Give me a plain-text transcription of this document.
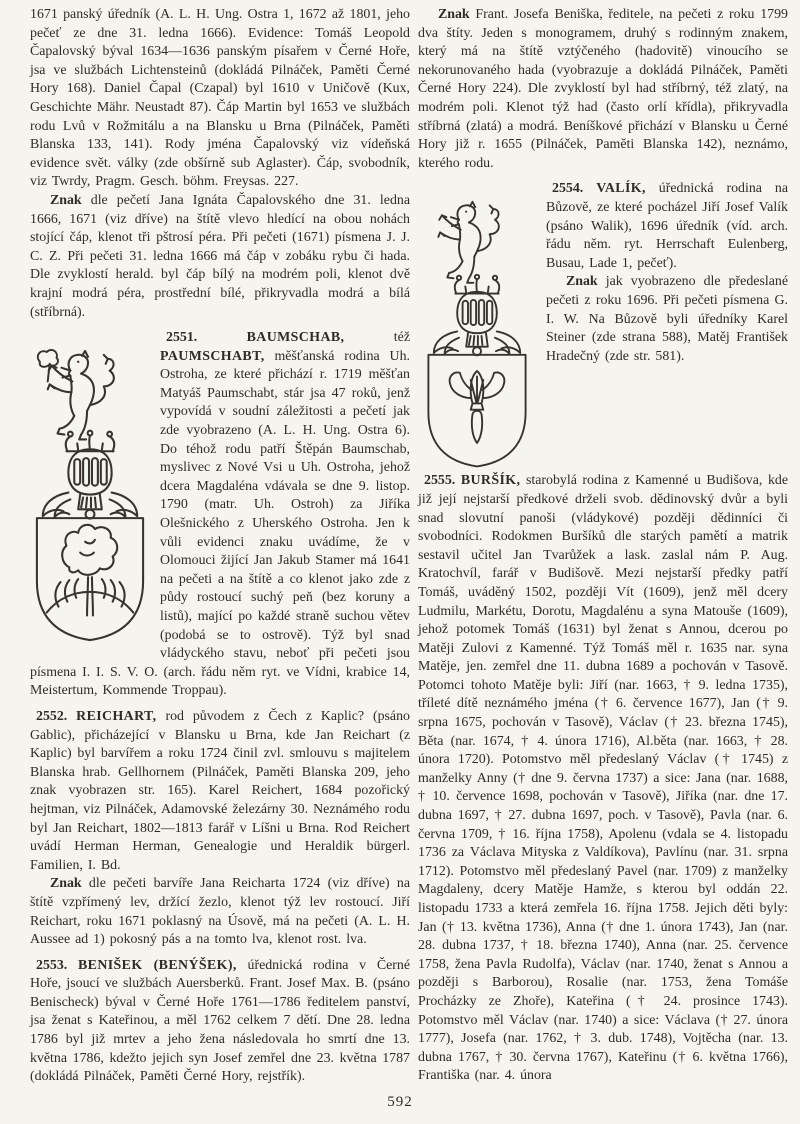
1671 panský úředník (A. L. H. Ung. Ostra 1, 1672 až 1801, jeho pečeť ze dne 31. ledna 1666). Evidence: Tomáš Leopold Čapalovský býval 1634—1636 panským písařem v Černé Hoře, jsa ve službách Lichtensteinů (dokládá Pilnáček, Paměti Černé Hory 168). Daniel Čapal (Czapal) byl 1610 v Uničově (Kux, Geschichte Mähr. Neustadt 87). Čáp Martin byl 1653 ve službách rodu Lvů v Rožmitálu a na Blansku u Brna (Pilnáček, Paměti Blanska 133, 141). Rody jména Čapalovský viz vídeňská evidence svět. války (zde obšírně sub Aglaster). Čáp, svobodník, viz Twrdy, Pragm. Gesch. böhm. Freysas. 227.

Znak dle pečetí Jana Ignáta Čapalovského dne 31. ledna 1666, 1671 (viz dříve) na štítě vlevo hledící na obou nohách stojící čáp, klenot tři pštrosí péra. Při pečeti (1671) písmena J. J. C. Z. Při pečeti 31. ledna 1666 má čáp v zobáku rybu či hada. Dle zvyklostí herald. byl čáp bílý na modrém poli, klenot dvě krajní modrá péra, prostřední bílé, přikryvadla modrá a bílá (stříbrná).

2551.	BAUMSCHAB,	též PAUMSCHABT, měšťanská rodina Uh. Ostroha, ze které přichází r. 1719 měšťan Matyáš Paumschabt, stár jsa 47 roků, jenž vypovídá v soudní záležitosti a pečetí jak zde vyobrazeno (A. L. H. Ung. Ostra 6). Do téhož rodu patří Štěpán Baumschab, myslivec z Nové Vsi u Uh. Ostroha, jehož dcera Magdaléna vdávala se dne 9. listop. 1790 (matr. Uh. Ostroh) za Jiříka Olešnického z Uherského Ostroha. Jen k vůli evidenci znaku uvádíme, že v Olomouci žijící Jan Jakub Stamer má 1641 na pečeti a na štítě a co klenot jako zde z půdy rostoucí suchý peň (bez koruny a listů), mající po každé straně suchou větev (podobá se to ostrově). Týž byl snad vládyckého stavu, neboť při pečeti jsou písmena I. I. S. V. O. (arch. řádu něm ryt. ve Vídni, krabice 14, Meistertum, Kommende Troppau).

2552. REICHART, rod původem z Čech z Kaplic? (psáno Gablic), přicházející v Blansku u Brna, kde Jan Reichart (z Kaplic) byl barvířem a roku 1724 činil zvl. smlouvu s majitelem Blanska hrab. Gellhornem (Pilnáček, Paměti Blanska 209, jeho znak vyobrazen str. 165). Karel Reichert, 1684 pozořický hejtman, viz Pilnáček, Adamovské železárny 30. Neznámého rodu byl Jan Reichart, 1802—1813 farář v Líšni u Brna. Rod Reichert uvádí Herman Herman, Genealogie und Heraldik bürgerl. Familien, I. Bd.

Znak dle pečeti barvíře Jana Reicharta 1724 (viz dříve) na štítě vzpřímený lev, držící žezlo, klenot týž lev rostoucí. Jiří Reichart, roku 1671 poklasný na Úsově, má na pečeti (A. L. H. Aussee ad 1) pokosný pás a na tomto lva, klenot rost. lva.

2553. BENIŠEK (BENÝŠEK), úřednická rodina v Černé Hoře, jsoucí ve službách Auersberků. Frant. Josef Max. B. (psáno Benischeck) býval v Černé Hoře 1761—1786 ředitelem panství, jsa ženat s Kateřinou, a měl 1762 celkem 7 dětí. Dne 28. ledna 1786 byl již mrtev a jeho žena následovala ho smrtí dne 13. května 1786, kdežto jejich syn Josef zemřel dne 23. května 1787 (dokládá Pilnáček, Paměti Černé Hory, rejstřík).

Znak Frant. Josefa Beniška, ředitele, na pečeti z roku 1799 dva štíty. Jeden s monogramem, druhý s rodinným znakem, který má na štítě vztýčeného (hadovitě) vinoucího se nekorunovaného hada (vyobrazuje a dokládá Pilnáček, Paměti Černé Hory 224). Dle zvyklostí byl had stříbrný, též zlatý, na modrém poli. Klenot týž had (často orlí křídla), přikryvadla stříbrná (zlatá) a modrá. Beníškové přichází v Blansku u Černé Hory již r. 1655 (Pilnáček, Paměti Blanska 142), neznámo, kterého rodu.

2554. VALÍK, úřednická rodina na Bůzově, ze které pocházel Jiří Josef Valík (psáno Walik), 1696 úředník (víd. arch. řádu něm. ryt. Herrschaft Eulenberg, Busau, Lade 1, pečeť).

Znak jak vyobrazeno dle předeslané pečeti z roku 1696. Při pečeti písmena G. I. W. Na Bůzově byli úředníky Karel Steiner (zde strana 588), Matěj František Hradečný (zde str. 581).

2555. BURŠÍK, starobylá rodina z Kamenné u Budišova, kde již její nejstarší předkové drželi svob. dědinovský dvůr a byli snad slovutní panoši (vládykové) později dědinníci či svobodníci. Rodokmen Buršíků dle starých pamětí a matrik sestavil učitel Jan Tvarůžek a lask. zaslal nám P. Aug. Kratochvíl, farář v Budišově. Mezi nejstarší předky patří Tomáš, uváděný 1502, později Vít (1609), jenž měl dcery Ludmilu, Markétu, Dorotu, Magdalénu a syna Matouše (1609), jehož potomek Tomáš (1631) byl ženat s Annou, dcerou po Matěji Zulovi z Kamenné. Týž Tomáš měl r. 1635 nar. syna Matěje, jen. zemřel dne 11. dubna 1689 a pochován v Tasově. Potomci tohoto Matěje byli: Jiří (nar. 1663, † 9. ledna 1735), tříleté dítě neznámého jména († 6. července 1677), Jan († 9. srpna 1675, pochován v Tasově), Václav († 23. března 1745), Běta (nar. 1674, † 4. února 1716), Al.běta (nar. 1663, † 28. února 1720). Potomstvo měl předeslaný Václav († 1745) z manželky Anny († dne 9. června 1737) a sice: Jana (nar. 1688, † 10. července 1698, pochován v Tasově), Jiříka (nar. dne 17. dubna 1697, † 27. dubna 1697, poch. v Tasově), Pavla (nar. 6. června 1709, † 16. října 1758), Apolenu (vdala se 4. listopadu 1736 za Václava Mityska z Valdíkova), Pavlínu (nar. 31. srpna 1712). Potomstvo měl předeslaný Pavel (nar. 1709) z manželky Magdaleny, dcery Matěje Hamže, s kterou byl oddán 22. listopadu 1733 a která zemřela 16. října 1758. Jejich děti byly: Jan († 13. května 1736), Anna († dne 1. února 1743), Jan (nar. 28. dubna 1737, † 18. března 1740), Anna (nar. 25. července 1758, žena Pavla Rudolfa), Václav (nar. 1740, ženat s Annou a později s Barborou), Rosalie (nar. 1753, žena Tomáše Procházky ze Zhoře), Kateřina († 24. prosince 1743). Potomstvo měl Václav (nar. 1740) a sice: Václava († 27. února 1777), Josefa (nar. 1762, † 3. dub. 1748), Vojtěcha (nar. 13. dubna 1767, † 30. června 1767), Kateřinu († 6. května 1766), Františka (nar. 4. února

592
